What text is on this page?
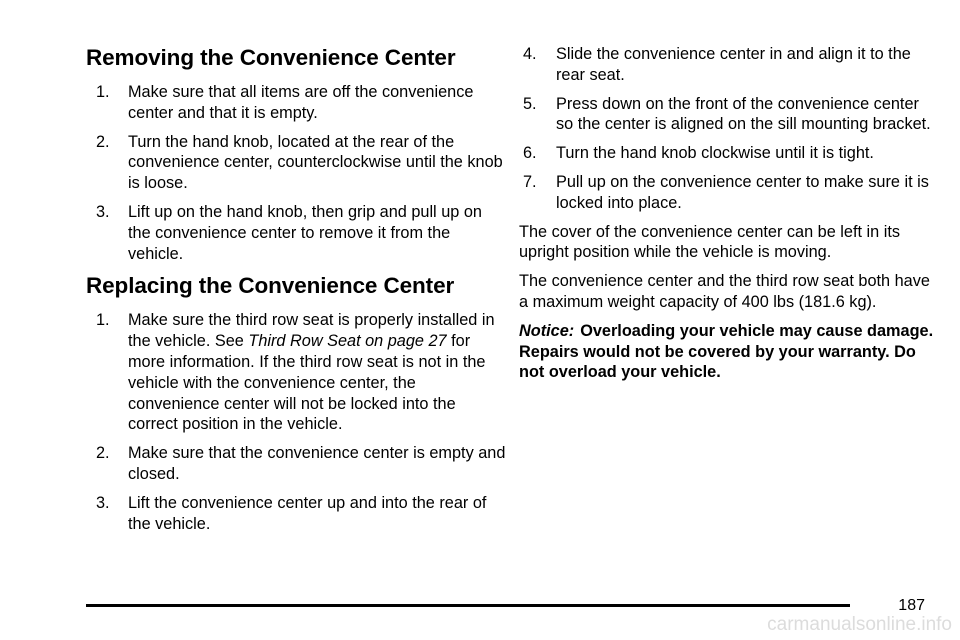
Removing the Convenience Center
1. Make sure that all items are off the convenience center and that it is empty.
2. Turn the hand knob, located at the rear of the convenience center, counterclockwise until the knob is loose.
3. Lift up on the hand knob, then grip and pull up on the convenience center to remove it from the vehicle.
Replacing the Convenience Center
1. Make sure the third row seat is properly installed in the vehicle. See Third Row Seat on page 27 for more information. If the third row seat is not in the vehicle with the convenience center, the convenience center will not be locked into the correct position in the vehicle.
2. Make sure that the convenience center is empty and closed.
3. Lift the convenience center up and into the rear of the vehicle.
4. Slide the convenience center in and align it to the rear seat.
5. Press down on the front of the convenience center so the center is aligned on the sill mounting bracket.
6. Turn the hand knob clockwise until it is tight.
7. Pull up on the convenience center to make sure it is locked into place.

The cover of the convenience center can be left in its upright position while the vehicle is moving.

The convenience center and the third row seat both have a maximum weight capacity of 400 lbs (181.6 kg).

Notice: Overloading your vehicle may cause damage. Repairs would not be covered by your warranty. Do not overload your vehicle.

187
carmanualsonline.info
